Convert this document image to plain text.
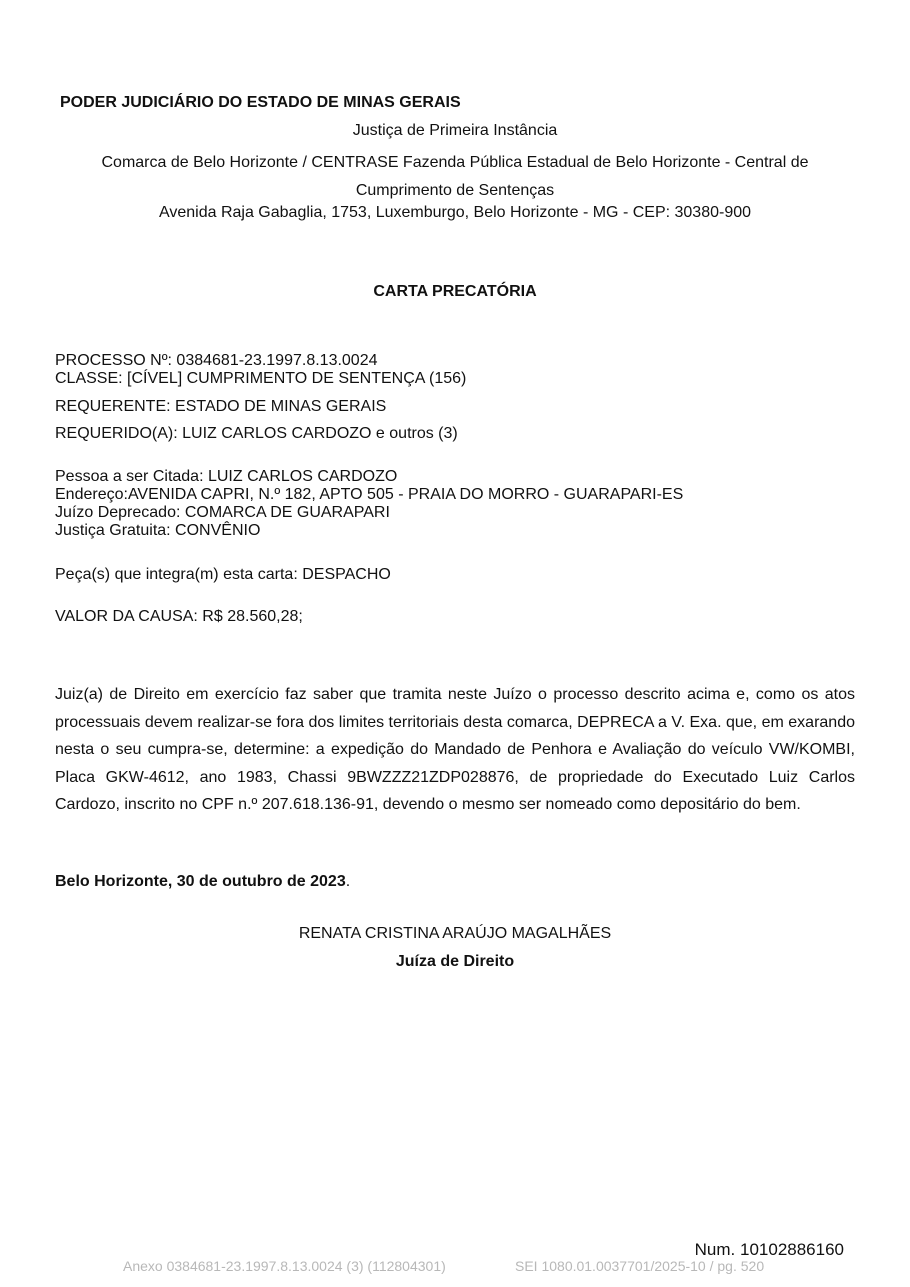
PODER JUDICIÁRIO DO ESTADO DE MINAS GERAIS
Justiça de Primeira Instância
Comarca de Belo Horizonte / CENTRASE Fazenda Pública Estadual de Belo Horizonte - Central de
Cumprimento de Sentenças
Avenida Raja Gabaglia, 1753, Luxemburgo, Belo Horizonte - MG - CEP: 30380-900
CARTA PRECATÓRIA
PROCESSO Nº: 0384681-23.1997.8.13.0024
CLASSE: [CÍVEL] CUMPRIMENTO DE SENTENÇA (156)
REQUERENTE: ESTADO DE MINAS GERAIS
REQUERIDO(A): LUIZ CARLOS CARDOZO e outros (3)
Pessoa a ser Citada: LUIZ CARLOS CARDOZO
Endereço:AVENIDA CAPRI, N.º 182, APTO 505 - PRAIA DO MORRO - GUARAPARI-ES
Juízo Deprecado: COMARCA DE GUARAPARI
Justiça Gratuita: CONVÊNIO
Peça(s) que integra(m) esta carta: DESPACHO
VALOR DA CAUSA: R$ 28.560,28;
Juiz(a) de Direito em exercício faz saber que tramita neste Juízo o processo descrito acima e, como os atos processuais devem realizar-se fora dos limites territoriais desta comarca, DEPRECA a V. Exa. que, em exarando nesta o seu cumpra-se, determine: a expedição do Mandado de Penhora e Avaliação do veículo VW/KOMBI, Placa GKW-4612, ano 1983, Chassi 9BWZZZ21ZDP028876, de propriedade do Executado Luiz Carlos Cardozo, inscrito no CPF n.º 207.618.136-91, devendo o mesmo ser nomeado como depositário do bem.
Belo Horizonte, 30 de outubro de 2023.
RENATA CRISTINA ARAÚJO MAGALHÃES
Juíza de Direito
Num. 10102886160
Anexo 0384681-23.1997.8.13.0024 (3) (112804301)	SEI 1080.01.0037701/2025-10 / pg. 520
